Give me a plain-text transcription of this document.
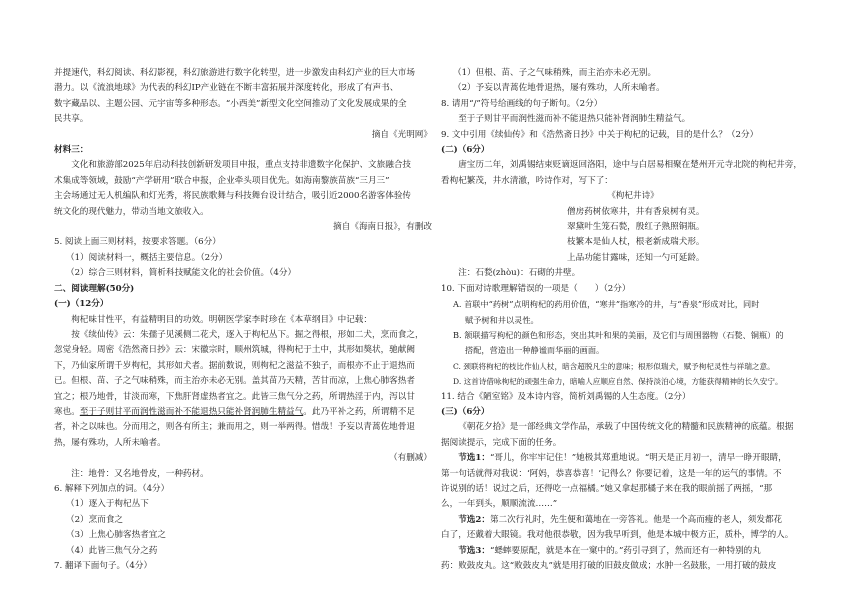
并提速代，科幻阅读、科幻影视，科幻旅游进行数字化转型，进一步激发由科幻产业的巨大市场

潜力。以《流浪地球》为代表的科幻IP产业链在不断丰富拓展并深度转化，形成了有声书、

数字藏品以、主题公园、元宇宙等多种形态。“小西美”新型文化空间推动了文化发展成果的全

民共享。

摘自《光明网》

材料三：

文化和旅游部2025年启动科技创新研发项目申报，重点支持非遗数字化保护、文旅融合技

术集成等领域，鼓励“产学研用”联合申报，企业牵头项目优先。如海南黎族苗族“三月三”

主会场通过无人机编队和灯光秀，将民族歌舞与科技舞台设计结合，吸引近2000名游客体验传

统文化的现代魅力，带动当地文旅收入。

摘自《海南日报》，有删改

5. 阅读上面三则材料，按要求答题。（6分）

（1）阅读材料一，概括主要信息。（2分）

（2）综合三则材料，简析科技赋能文化的社会价值。（4分）

二、阅读理解(50分)

(一)（12分）

枸杞味甘性平，有益精明目的功效。明朝医学家李时珍在《本草纲目》中记载：

按《续仙传》云：朱孺子见溪侧二花犬，逐入于枸杞丛下。掘之得根，形如二犬，烹而食之，

忽觉身轻。周密《浩然斋日抄》云：宋徽宗时，顺州筑城，得枸杞于土中，其形如獒状，驰献阙

下，乃仙家所谓千岁枸杞，其形如犬者。据前数说，则枸杞之滋益不独子，而根亦不止于退热而

已。但根、苗、子之气味稍殊，而主治亦未必无别。盖其苗乃天精，苦甘而凉，上焦心肺客热者

宜之；根乃地骨，甘淡而寒，下焦肝肾虚热者宜之。此皆三焦气分之药，所谓热淫于内，泻以甘

寒也。至于子则甘平而润性滋而补不能退热只能补肾润肺生精益气。此乃平补之药，所谓精不足

者，补之以味也。分而用之，则各有所主；兼而用之，则一举两得。惜哉！予妄以青蒿佐地骨退

热，屡有殊功，人所未喻者。

（有删减）

注：地骨：又名地骨皮，一种药材。

6. 解释下列加点的词。（4分）

（1）逐入于枸杞丛下

（2）烹而食之

（3）上焦心肺客热者宜之

（4）此皆三焦气分之药

7. 翻译下面句子。（4分）

（1）但根、苗、子之气味稍殊，而主治亦未必无别。

（2）予妄以青蒿佐地骨退热，屡有殊功，人所未喻者。

8. 请用“/”符号给画线的句子断句。（2分）

至于子则甘平而润性滋而补不能退热只能补肾润肺生精益气。

9. 文中引用《续仙传》和《浩然斋日抄》中关于枸杞的记载，目的是什么？（2分）

(二)（6分）

唐宝历二年，刘禹锡结束贬谪返回洛阳，途中与白居易相聚在楚州开元寺北院的枸杞井旁，

看枸杞繁茂，井水清澈，吟诗作对，写下了：

《枸杞井诗》

僧房药树依寒井，井有香泉树有灵。

翠黛叶生笼石甃，殷红子熟照铜瓶。

枝繁本是仙人杖，根老新成瑞犬形。

上品功能甘露味，还知一勺可延龄。

注：石甃(zhòu)：石砌的井壁。

10. 下面对诗歌理解错误的一项是（　　）（2分）

A. 首联中“药树”点明枸杞的药用价值，“寒井”指寒冷的井，与“香泉”形成对比，同时

赋予树和井以灵性。

B. 颔联描写枸杞的颜色和形态，突出其叶和果的美丽，及它们与周围器物（石甃、铜瓶）的

搭配，营造出一种静谧而华丽的画面。

C. 颈联将枸杞的枝比作仙人杖，暗含超脱凡尘的意味；根形似瑞犬，赋予枸杞灵性与祥瑞之意。

D. 这首诗借咏枸杞的顽强生命力，暗喻人应顺应自然、保持淡泊心境，方能获得精神的长久安宁。

11. 结合《陋室铭》及本诗内容，简析刘禹锡的人生态度。（2分）

(三)（6分）

《朝花夕拾》是一部经典文学作品，承载了中国传统文化的精髓和民族精神的底蕴。根据

据阅读提示，完成下面的任务。

节选1：“哥儿，你牢牢记住！”她极其郑重地说。“明天是正月初一，清早一睁开眼睛，

第一句话就得对我说：‘阿妈，恭喜恭喜！’记得么？你要记着，这是一年的运气的事情。不

许说别的话！说过之后，还得吃一点福橘。”她又拿起那橘子来在我的眼前摇了两摇，“那

么，一年到头，顺顺流流……”

节选2：第二次行礼时，先生便和蔼地在一旁答礼。他是一个高而瘦的老人，须发都花

白了，还戴着大眼镜。我对他很恭敬，因为我早听到，他是本城中极方正，质朴，博学的人。

节选3：“蟋蟀要原配，就是本在一窠中的。”药引寻到了，然而还有一种特别的丸

药：败鼓皮丸。这“败鼓皮丸”就是用打破的旧鼓皮做成；水肿一名鼓胀，一用打破的鼓皮
